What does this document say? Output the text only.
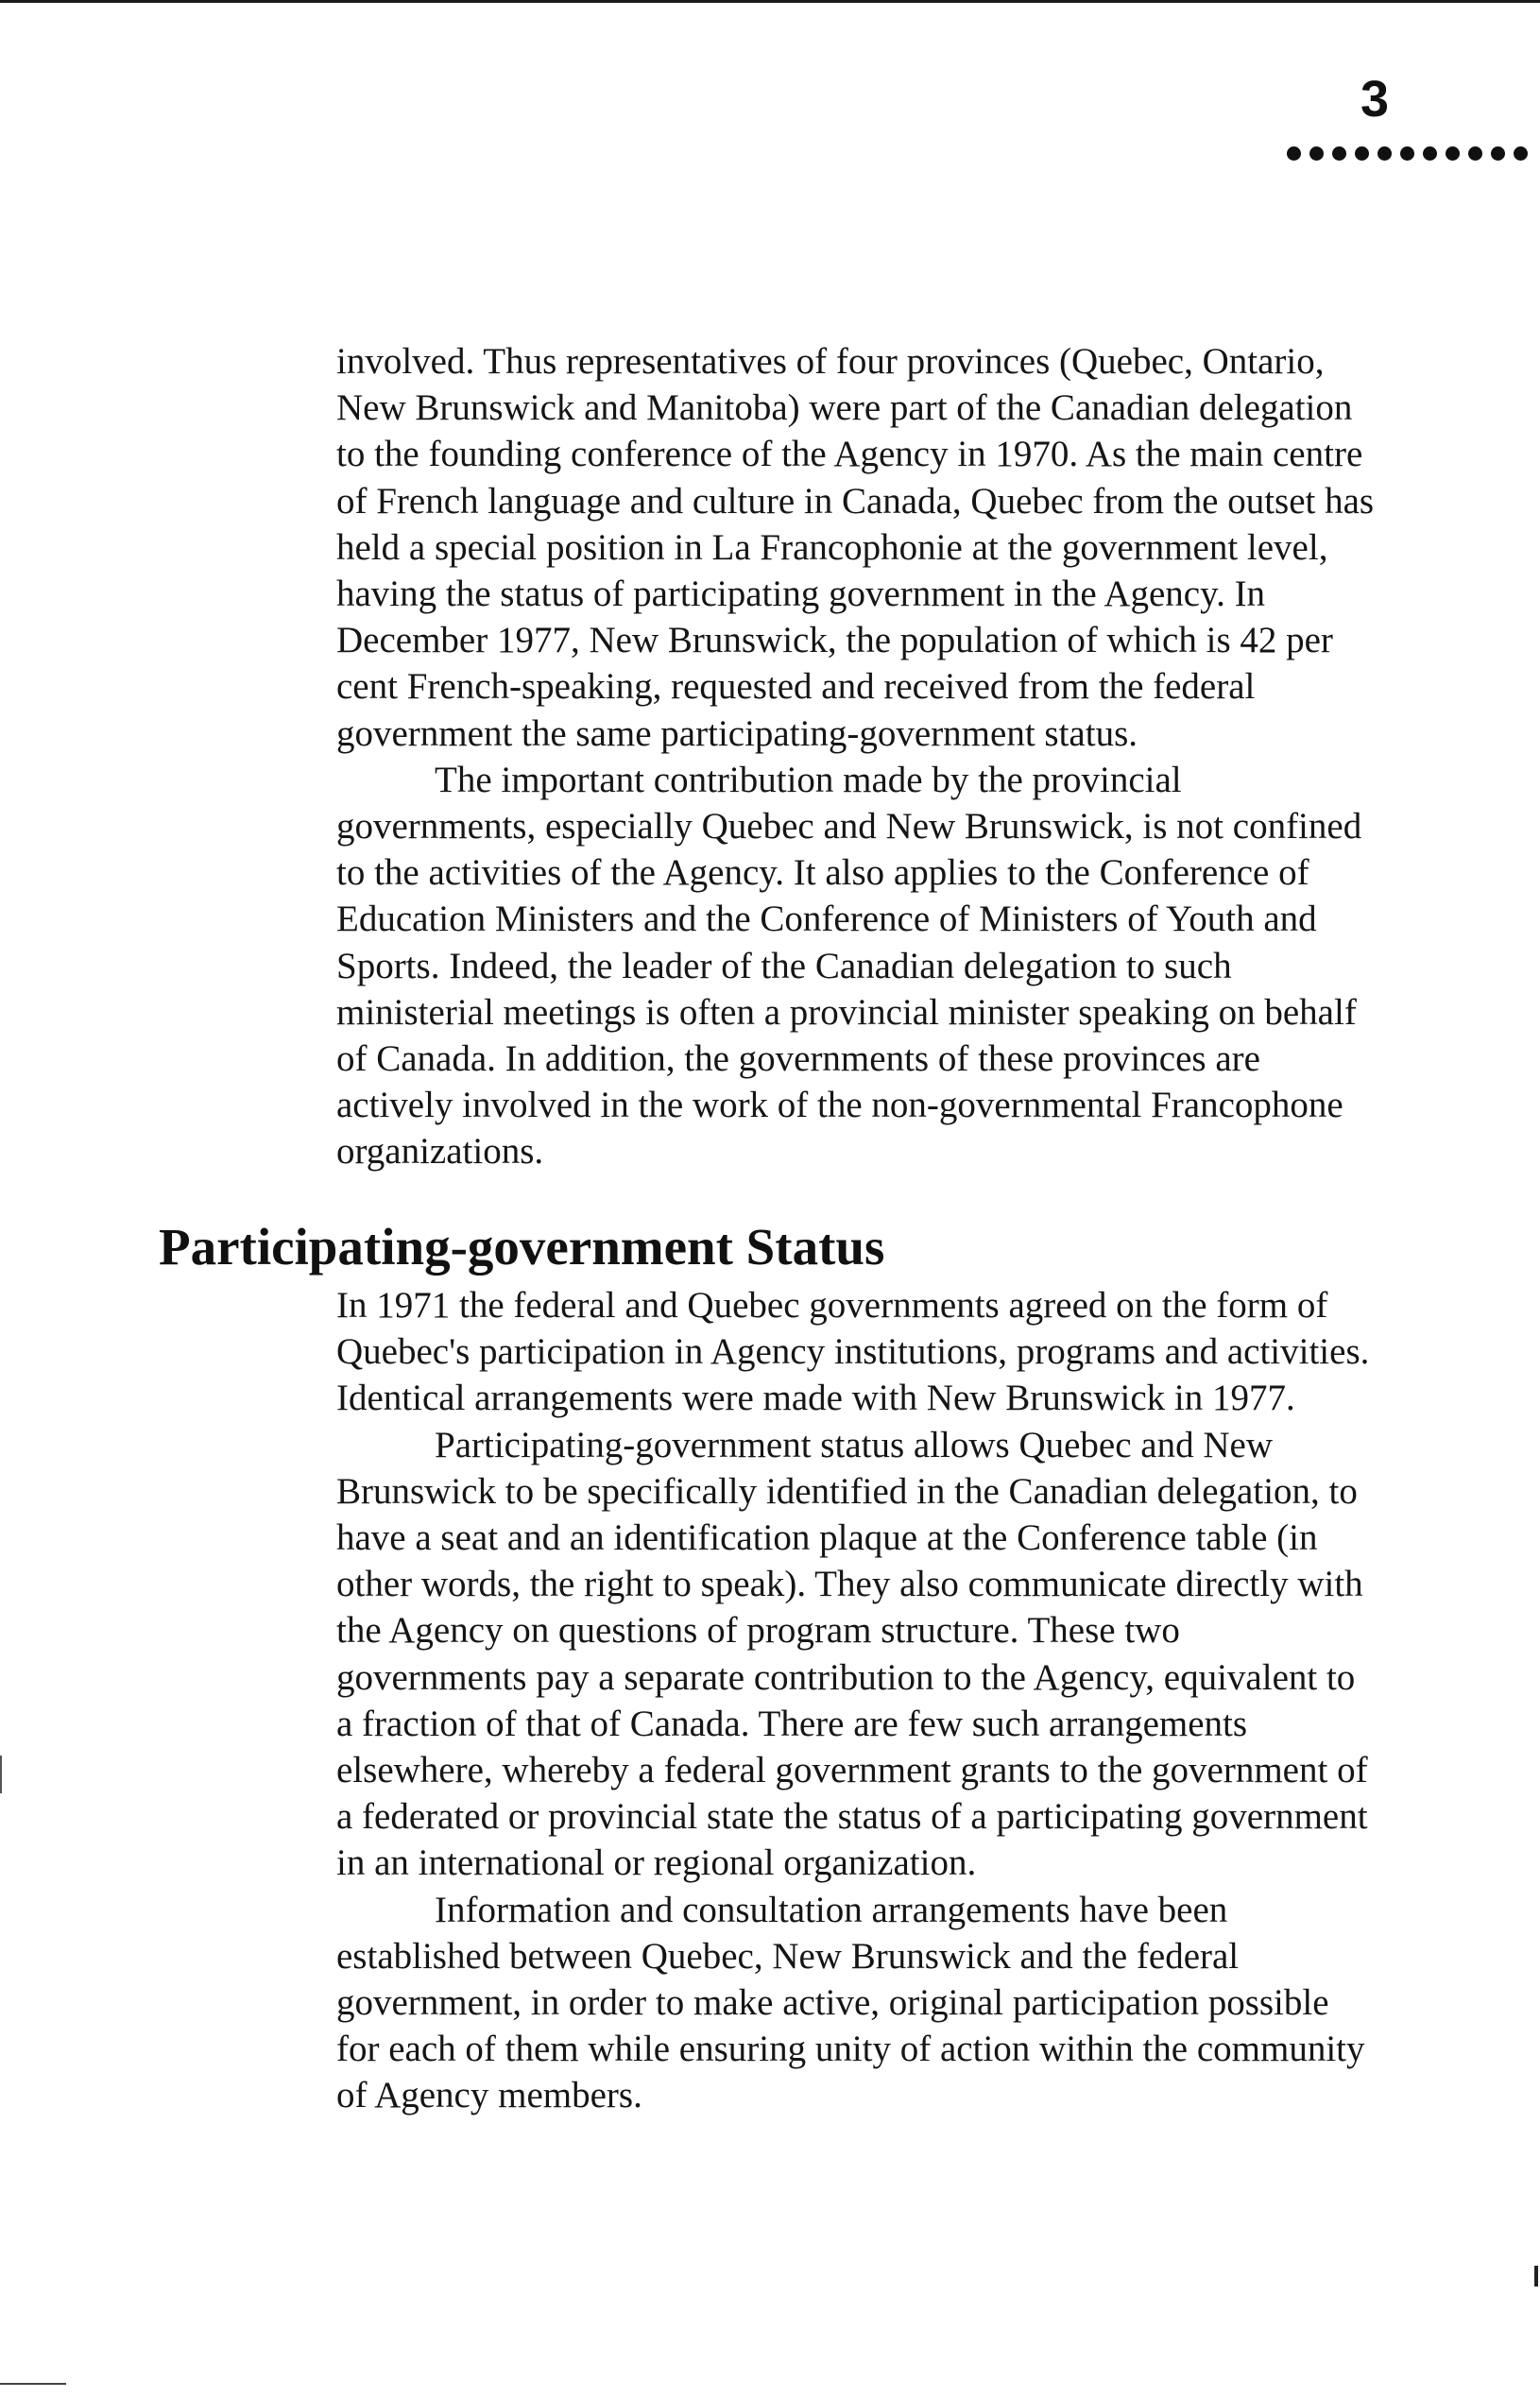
3

involved. Thus representatives of four provinces (Quebec, Ontario, New Brunswick and Manitoba) were part of the Canadian delegation to the founding conference of the Agency in 1970. As the main centre of French language and culture in Canada, Quebec from the outset has held a special position in La Francophonie at the government level, having the status of participating government in the Agency. In December 1977, New Brunswick, the population of which is 42 per cent French-speaking, requested and received from the federal government the same participating-government status.

The important contribution made by the provincial governments, especially Quebec and New Brunswick, is not confined to the activities of the Agency. It also applies to the Conference of Education Ministers and the Conference of Ministers of Youth and Sports. Indeed, the leader of the Canadian delegation to such ministerial meetings is often a provincial minister speaking on behalf of Canada. In addition, the governments of these provinces are actively involved in the work of the non-governmental Francophone organizations.

Participating-government Status

In 1971 the federal and Quebec governments agreed on the form of Quebec's participation in Agency institutions, programs and activities. Identical arrangements were made with New Brunswick in 1977.

Participating-government status allows Quebec and New Brunswick to be specifically identified in the Canadian delegation, to have a seat and an identification plaque at the Conference table (in other words, the right to speak). They also communicate directly with the Agency on questions of program structure. These two governments pay a separate contribution to the Agency, equivalent to a fraction of that of Canada. There are few such arrangements elsewhere, whereby a federal government grants to the government of a federated or provincial state the status of a participating government in an international or regional organization.

Information and consultation arrangements have been established between Quebec, New Brunswick and the federal government, in order to make active, original participation possible for each of them while ensuring unity of action within the community of Agency members.
